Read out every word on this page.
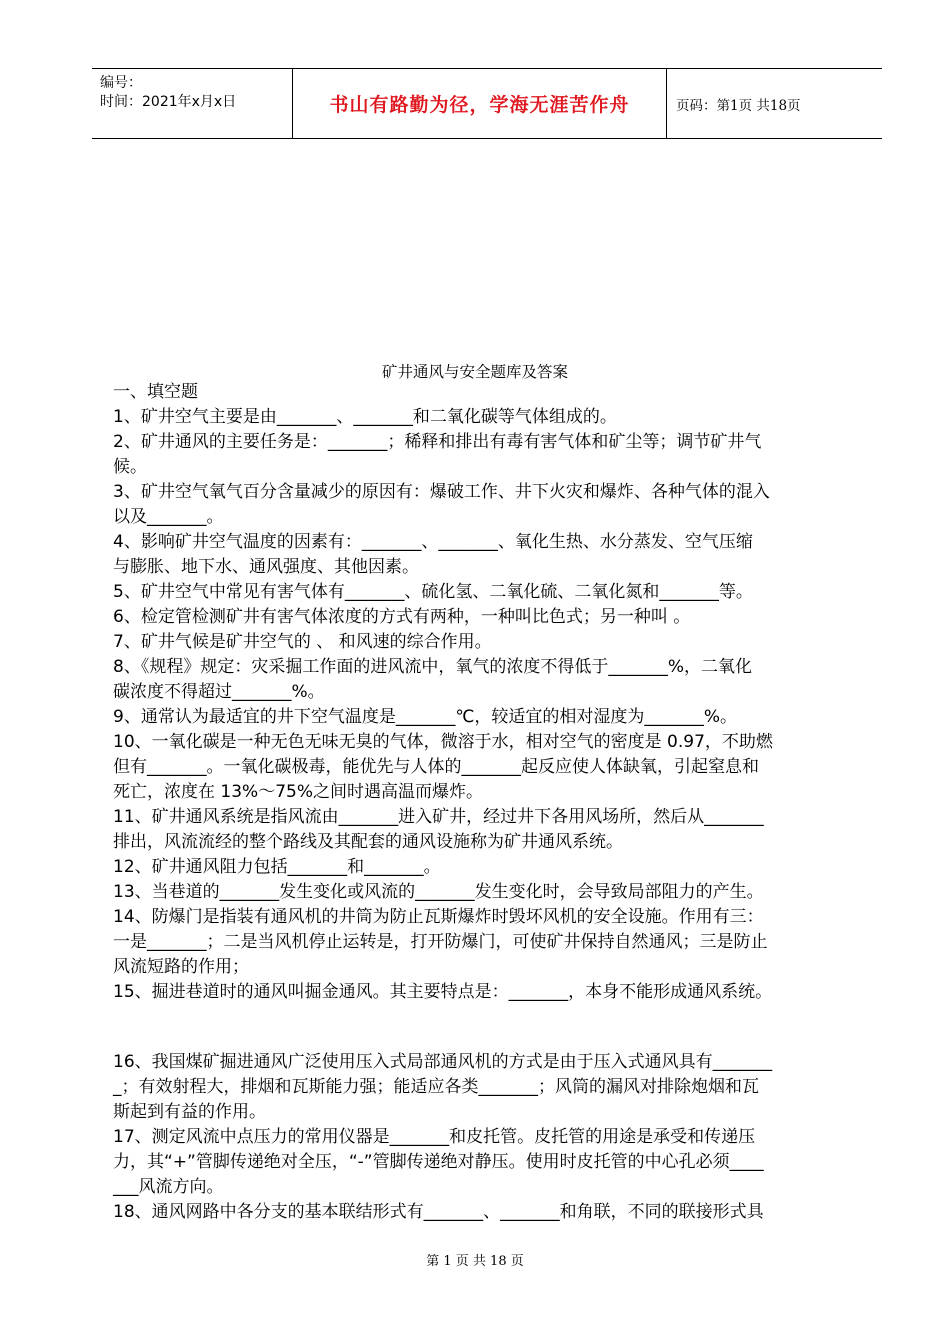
编号：
时间：2021年x月x日	书山有路勤为径，学海无涯苦作舟	页码：第1页 共18页
矿井通风与安全题库及答案
一、填空题
1、矿井空气主要是由_______、_______和二氧化碳等气体组成的。
2、矿井通风的主要任务是：_______；稀释和排出有毒有害气体和矿尘等；调节矿井气
候。
3、矿井空气氧气百分含量减少的原因有：爆破工作、井下火灾和爆炸、各种气体的混入
以及_______。
4、影响矿井空气温度的因素有：_______、_______、氧化生热、水分蒸发、空气压缩
与膨胀、地下水、通风强度、其他因素。
5、矿井空气中常见有害气体有_______、硫化氢、二氧化硫、二氧化氮和_______等。
6、检定管检测矿井有害气体浓度的方式有两种，一种叫比色式；另一种叫 。
7、矿井气候是矿井空气的 、 和风速的综合作用。
8、《规程》规定：灾采掘工作面的进风流中，氧气的浓度不得低于_______%，二氧化
碳浓度不得超过_______%。
9、通常认为最适宜的井下空气温度是_______℃，较适宜的相对湿度为_______%。
10、一氧化碳是一种无色无味无臭的气体，微溶于水，相对空气的密度是 0.97，不助燃
但有_______。一氧化碳极毒，能优先与人体的_______起反应使人体缺氧，引起窒息和
死亡，浓度在 13%～75%之间时遇高温而爆炸。
11、矿井通风系统是指风流由_______进入矿井，经过井下各用风场所，然后从_______
排出，风流流经的整个路线及其配套的通风设施称为矿井通风系统。
12、矿井通风阻力包括_______和_______。
13、当巷道的_______发生变化或风流的_______发生变化时，会导致局部阻力的产生。
14、防爆门是指装有通风机的井筒为防止瓦斯爆炸时毁坏风机的安全设施。作用有三：
一是_______；二是当风机停止运转是，打开防爆门，可使矿井保持自然通风；三是防止
风流短路的作用；
15、掘进巷道时的通风叫掘金通风。其主要特点是：_______，本身不能形成通风系统。
16、我国煤矿掘进通风广泛使用压入式局部通风机的方式是由于压入式通风具有_______
_；有效射程大，排烟和瓦斯能力强；能适应各类_______；风筒的漏风对排除炮烟和瓦
斯起到有益的作用。
17、测定风流中点压力的常用仪器是_______和皮托管。皮托管的用途是承受和传递压
力，其“+”管脚传递绝对全压，“-”管脚传递绝对静压。使用时皮托管的中心孔必须____
___风流方向。
18、通风网路中各分支的基本联结形式有_______、_______和角联，不同的联接形式具
第 1 页 共 18 页
